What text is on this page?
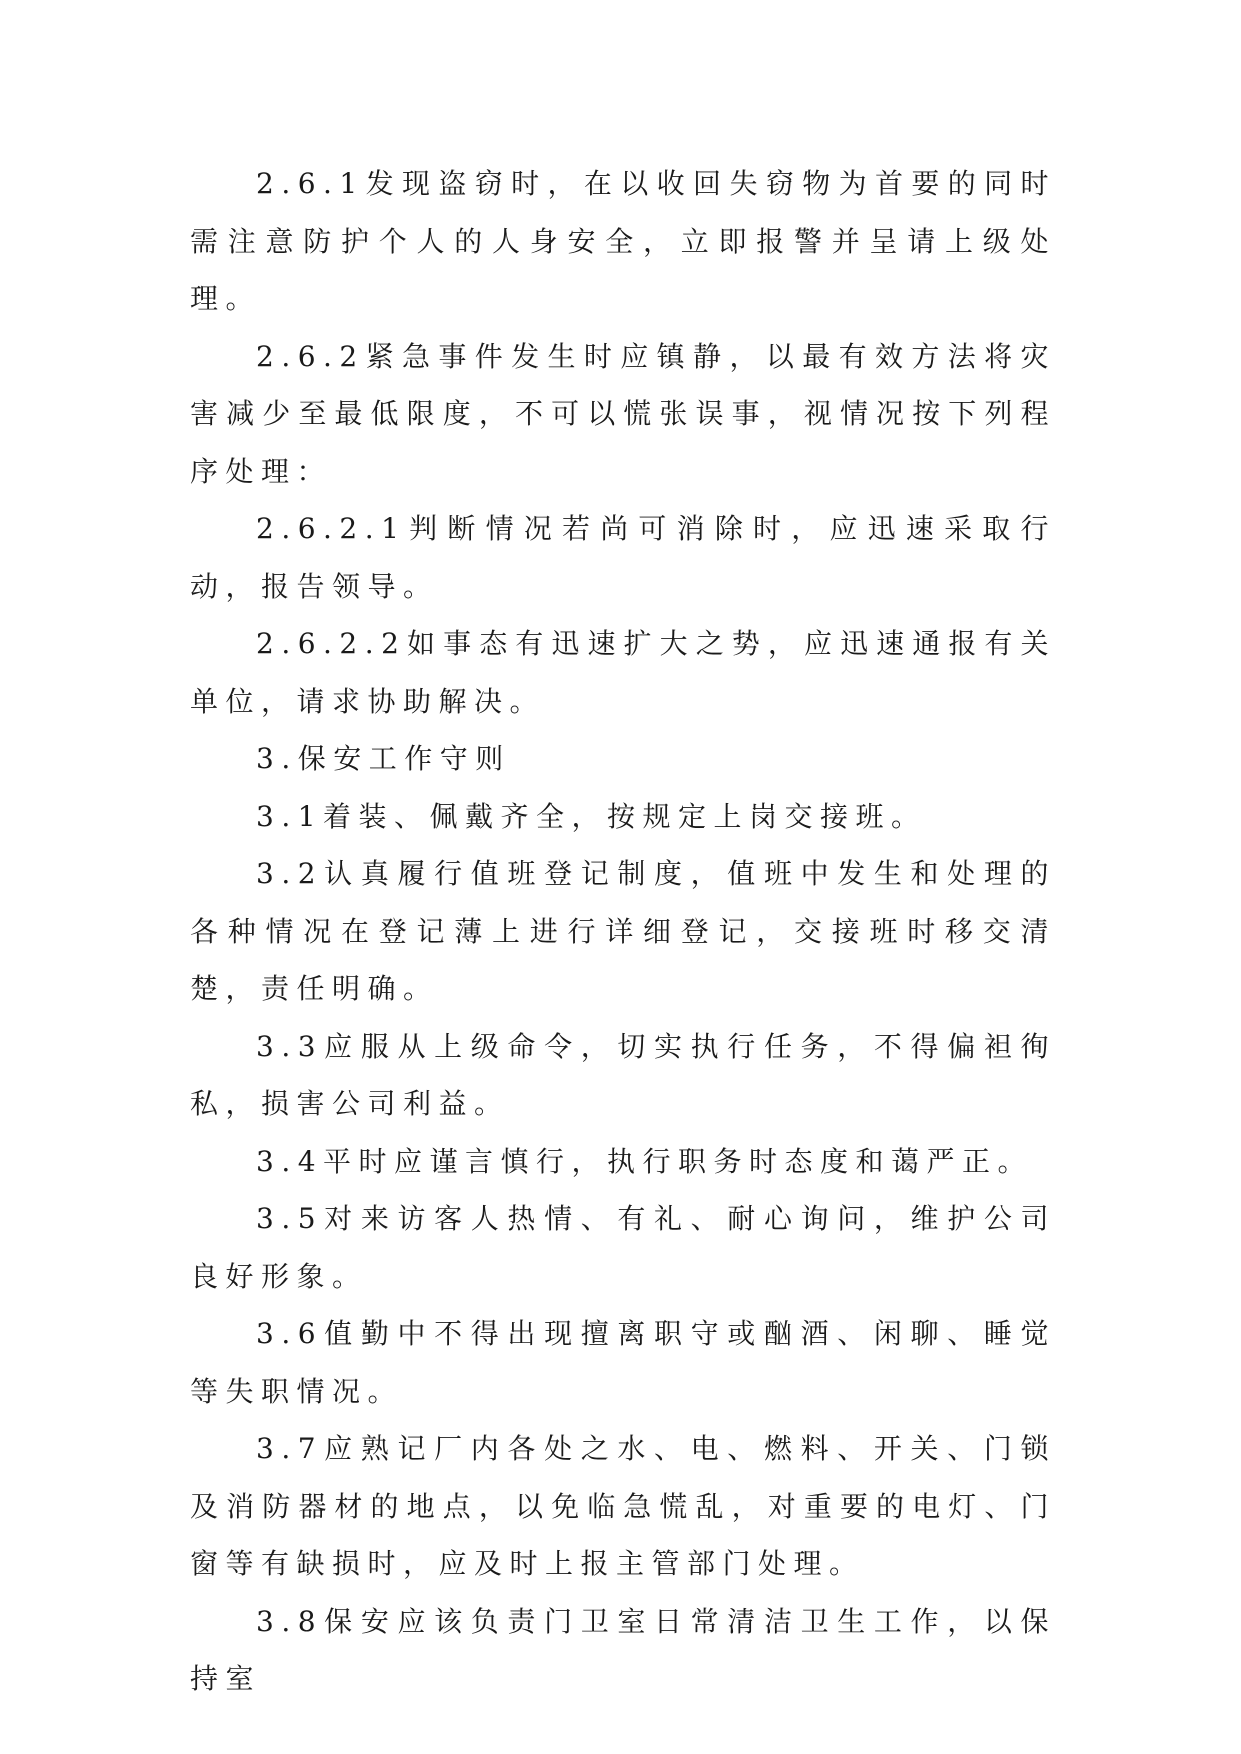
2.6.1发现盗窃时，在以收回失窃物为首要的同时需注意防护个人的人身安全，立即报警并呈请上级处理。

2.6.2紧急事件发生时应镇静，以最有效方法将灾害减少至最低限度，不可以慌张误事，视情况按下列程序处理：

2.6.2.1判断情况若尚可消除时，应迅速采取行动，报告领导。

2.6.2.2如事态有迅速扩大之势，应迅速通报有关单位，请求协助解决。

3.保安工作守则

3.1着装、佩戴齐全，按规定上岗交接班。

3.2认真履行值班登记制度，值班中发生和处理的各种情况在登记薄上进行详细登记，交接班时移交清楚，责任明确。

3.3应服从上级命令，切实执行任务，不得偏袒徇私，损害公司利益。

3.4平时应谨言慎行，执行职务时态度和蔼严正。

3.5对来访客人热情、有礼、耐心询问，维护公司良好形象。

3.6值勤中不得出现擅离职守或酗酒、闲聊、睡觉等失职情况。

3.7应熟记厂内各处之水、电、燃料、开关、门锁及消防器材的地点，以免临急慌乱，对重要的电灯、门窗等有缺损时，应及时上报主管部门处理。

3.8保安应该负责门卫室日常清洁卫生工作，以保持室
